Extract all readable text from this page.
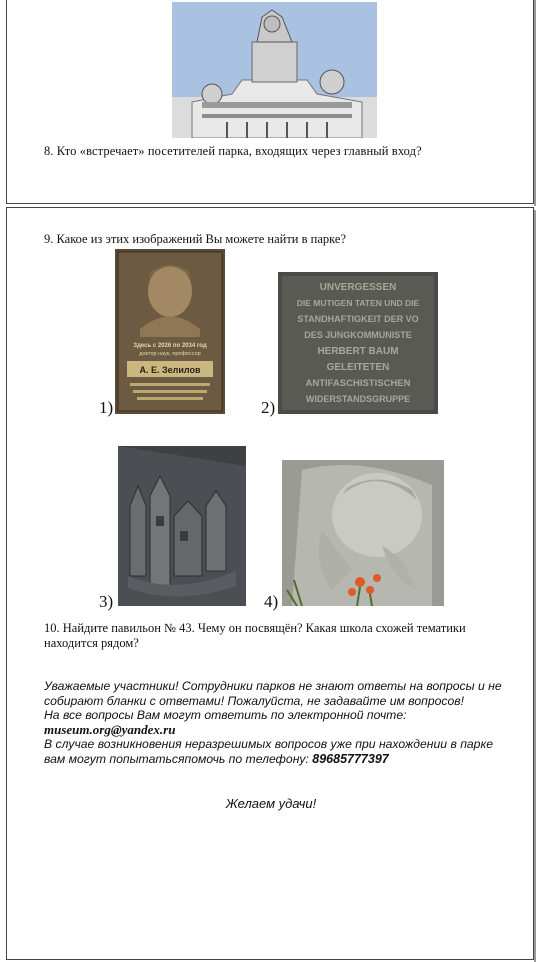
8. Кто «встречает» посетителей парка, входящих через главный вход?
9. Какое из этих изображений Вы можете найти в парке?
Здесь с 2026 по 2034 год
доктор наук, профессор
А. Е. Зелилов
UNVERGESSEN
DIE MUTIGEN TATEN UND DIE
STANDHAFTIGKEIT DER VO
DES JUNGKOMMUNISTE
HERBERT BAUM
GELEITETEN
ANTIFASCHISTISCHEN
WIDERSTANDSGRUPPE
1)	2)
3)	4)
10. Найдите павильон № 43. Чему он посвящён? Какая школа схожей тематики находится рядом?
Уважаемые участники! Сотрудники парков не знают ответы на вопросы и не собирают бланки с ответами! Пожалуйста, не задавайте им вопросов!
На все вопросы Вам могут ответить по электронной почте:
museum.org@yandex.ru
В случае возникновения неразрешимых вопросов уже при нахождении в парке вам могут попытатьсяпомочь по телефону: 89685777397
Желаем удачи!
